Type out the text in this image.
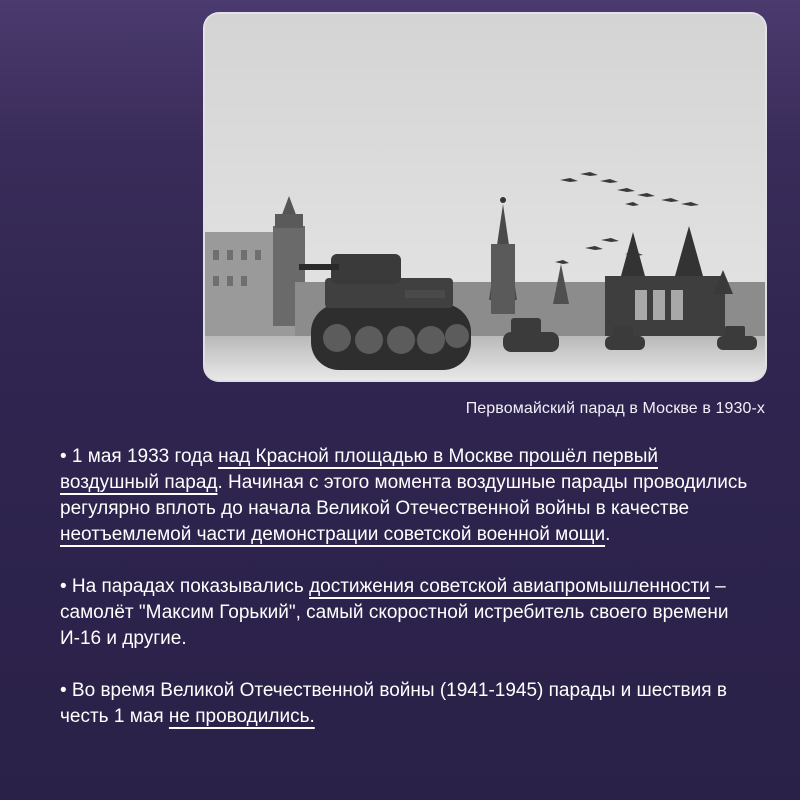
Первомайский парад в Москве в 1930-х

• 1 мая 1933 года над Красной площадью в Москве прошёл первый воздушный парад. Начиная с этого момента воздушные парады проводились регулярно вплоть до начала Великой Отечественной войны в качестве неотъемлемой части демонстрации советской военной мощи.

• На парадах показывались достижения советской авиапромышленности – самолёт "Максим Горький", самый скоростной истребитель своего времени И-16 и другие.

• Во время Великой Отечественной войны (1941-1945) парады и шествия в честь 1 мая не проводились.
